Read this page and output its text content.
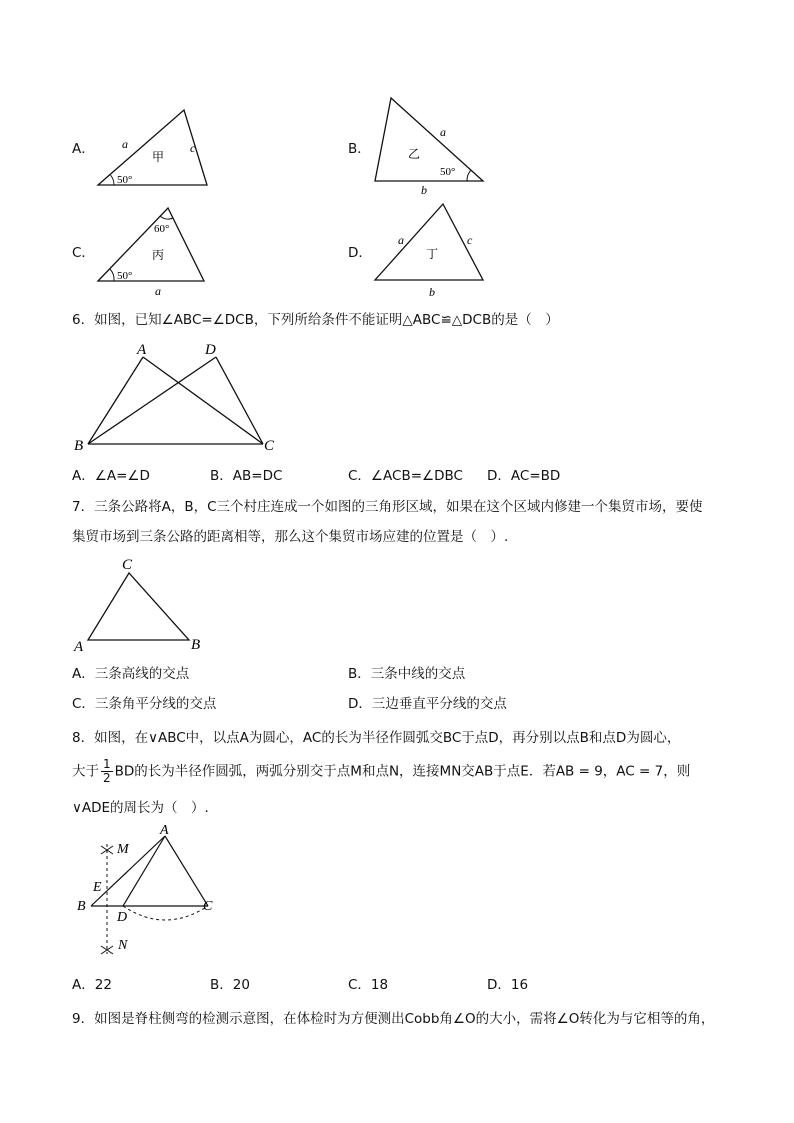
A． a	c
甲
50°
B．
a
乙
50°
b
C．
60°
丙
50°
a
D．
a	c
丁
b
6．如图，已知∠ABC=∠DCB，下列所给条件不能证明△ABC≌△DCB的是（　）
A	D
B	C
A．∠A=∠D	B．AB=DC	C．∠ACB=∠DBC D．AC=BD
7．三条公路将A，B，C三个村庄连成一个如图的三角形区域，如果在这个区域内修建一个集贸市场，要使
集贸市场到三条公路的距离相等，那么这个集贸市场应建的位置是（　）.
C
A	B
A．三条高线的交点	B．三条中线的交点
C．三条角平分线的交点	D．三边垂直平分线的交点
8．如图，在∨ABC中，以点A为圆心，AC的长为半径作圆弧交BC于点D，再分别以点B和点D为圆心，
大于 $\frac{1}{2}$ BD的长为半径作圆弧，两弧分别交于点M和点N，连接MN交AB于点E．若AB = 9，AC = 7，则
∨ADE的周长为（　）.
A
M
E
B
D
C
N
A．22	B．20	C．18	D．16
9．如图是脊柱侧弯的检测示意图，在体检时为方便测出Cobb角∠O的大小，需将∠O转化为与它相等的角，
